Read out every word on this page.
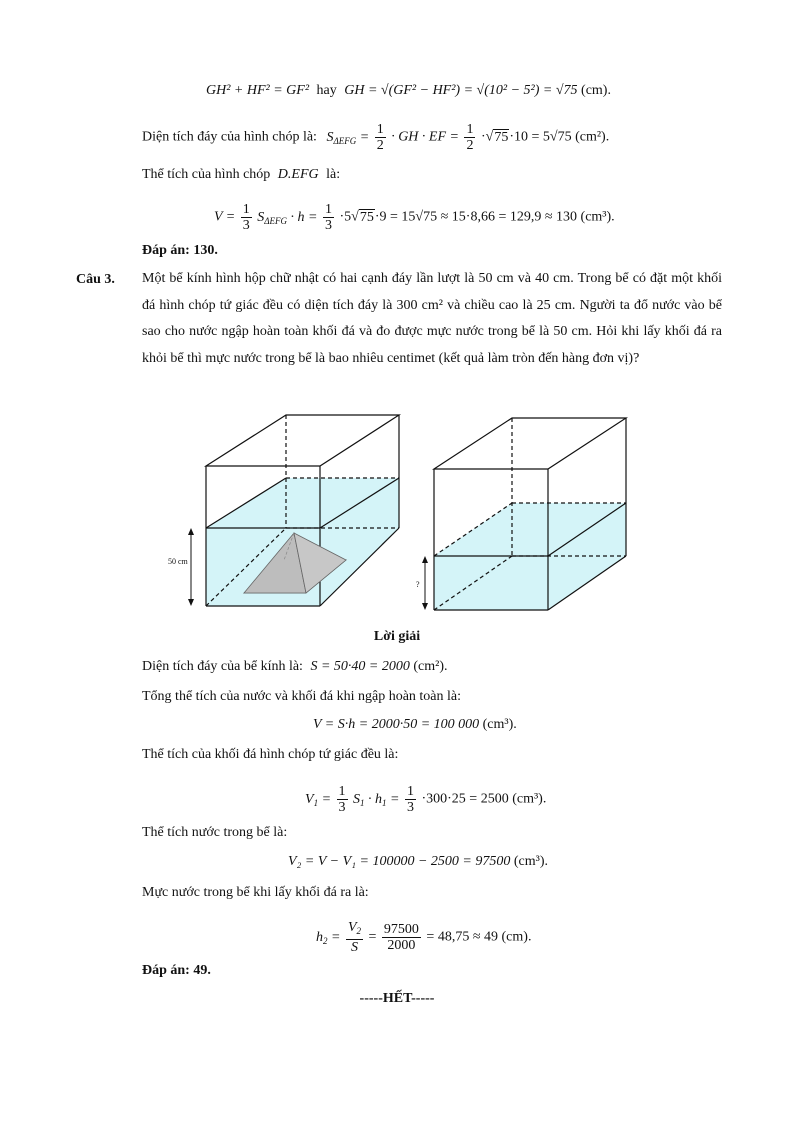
GH² + HF² = GF² hay GH = √(GF² − HF²) = √(10² − 5²) = √75 (cm).
Diện tích đáy của hình chóp là: $S_{\Delta EFG} = \frac{1}{2}$ · GH · EF = $\frac{1}{2} \cdot√75\cdot 10 = 5√75$ (cm²).
Thể tích của hình chóp D.EFG là:
$V = \frac{1}{3} S_{\Delta EFG} \cdot h = \frac{1}{3} \cdot 5√75\cdot 9 = 15√75 \approx 15\cdot 8,66 = 129,9 \approx 130$ (cm³).
Đáp án: 130.
Câu 3. Một bể kính hình hộp chữ nhật có hai cạnh đáy lần lượt là 50 cm và 40 cm. Trong bể có đặt một khối đá hình chóp tứ giác đều có diện tích đáy là 300 cm² và chiều cao là 25 cm. Người ta đổ nước vào bể sao cho nước ngập hoàn toàn khối đá và đo được mực nước trong bể là 50 cm. Hỏi khi lấy khối đá ra khỏi bể thì mực nước trong bể là bao nhiêu centimet (kết quả làm tròn đến hàng đơn vị)?
50 cm
?
Lời giải
Diện tích đáy của bể kính là: S = 50·40 = 2000 (cm²).
Tổng thể tích của nước và khối đá khi ngập hoàn toàn là:
V = S·h = 2000·50 = 100 000 (cm³).
Thể tích của khối đá hình chóp tứ giác đều là:
$V_1 = \frac{1}{3} S_1 \cdot h_1 = \frac{1}{3} \cdot 300\cdot 25 = 2500$ (cm³).
Thể tích nước trong bể là:
V₂ = V − V₁ = 100000 − 2500 = 97500 (cm³).
Mực nước trong bể khi lấy khối đá ra là:
$h_2 = \frac{V_2}{S} = \frac{97500}{2000} = 48,75 \approx 49$ (cm).
Đáp án: 49.
-----HẾT-----
